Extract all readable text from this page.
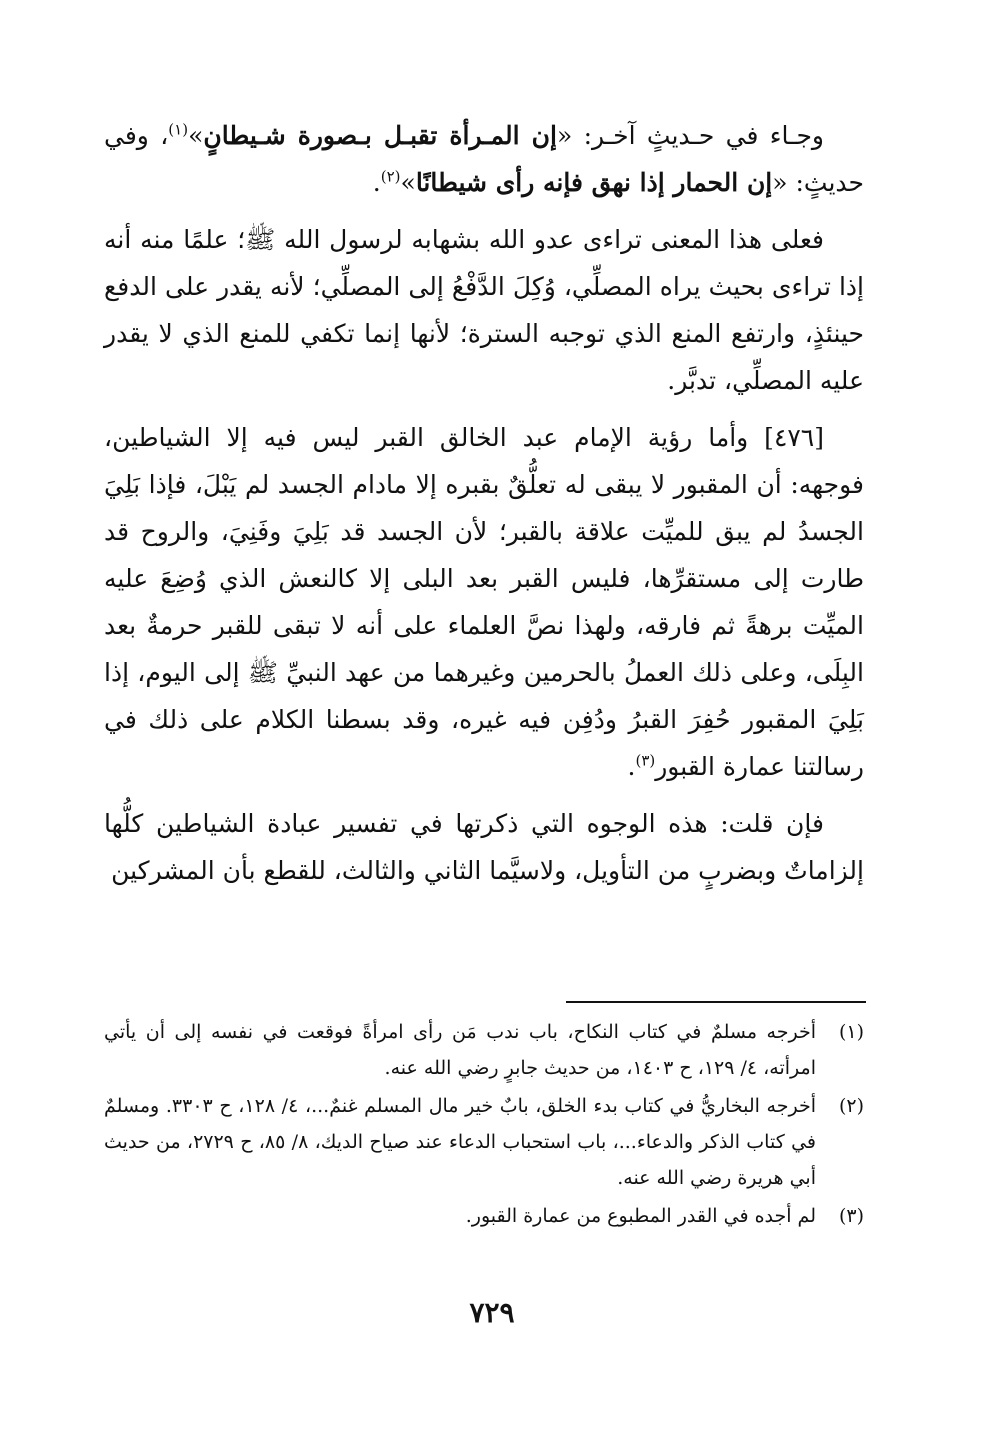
وجـاء في حـديثٍ آخـر: «إن المـرأة تقبـل بـصورة شـيطانٍ»$^{(١)}$، وفي حديثٍ: «إن الحمار إذا نهق فإنه رأى شيطانًا»$^{(٢)}$.

فعلى هذا المعنى تراءى عدو الله بشهابه لرسول الله ﷺ؛ علمًا منه أنه إذا تراءى بحيث يراه المصلِّي، وُكِلَ الدَّفْعُ إلى المصلِّي؛ لأنه يقدر على الدفع حينئذٍ، وارتفع المنع الذي توجبه السترة؛ لأنها إنما تكفي للمنع الذي لا يقدر عليه المصلِّي، تدبَّر.

[٤٧٦] وأما رؤية الإمام عبد الخالق القبر ليس فيه إلا الشياطين، فوجهه: أن المقبور لا يبقى له تعلُّقٌ بقبره إلا مادام الجسد لم يَبْلَ، فإذا بَلِيَ الجسدُ لم يبق للميِّت علاقة بالقبر؛ لأن الجسد قد بَلِيَ وفَنِيَ، والروح قد طارت إلى مستقرِّها، فليس القبر بعد البلى إلا كالنعش الذي وُضِعَ عليه الميِّت برهةً ثم فارقه، ولهذا نصَّ العلماء على أنه لا تبقى للقبر حرمةٌ بعد البِلَى، وعلى ذلك العملُ بالحرمين وغيرهما من عهد النبيِّ ﷺ إلى اليوم، إذا بَلِيَ المقبور حُفِرَ القبرُ ودُفِن فيه غيره، وقد بسطنا الكلام على ذلك في رسالتنا عمارة القبور$^{(٣)}$.

فإن قلت: هذه الوجوه التي ذكرتها في تفسير عبادة الشياطين كلُّها إلزاماتٌ وبضربٍ من التأويل، ولاسيَّما الثاني والثالث، للقطع بأن المشركين

(١)
أخرجه مسلمٌ في كتاب النكاح، باب ندب مَن رأى امرأةً فوقعت في نفسه إلى أن يأتي امرأته، ٤/ ١٢٩، ح ١٤٠٣، من حديث جابرٍ رضي الله عنه.
(٢)
أخرجه البخاريُّ في كتاب بدء الخلق، بابٌ خير مال المسلم غنمٌ...، ٤/ ١٢٨، ح ٣٣٠٣. ومسلمٌ في كتاب الذكر والدعاء...، باب استحباب الدعاء عند صياح الديك، ٨/ ٨٥، ح ٢٧٢٩، من حديث أبي هريرة رضي الله عنه.
(٣)
لم أجده في القدر المطبوع من عمارة القبور.
٧٢٩
